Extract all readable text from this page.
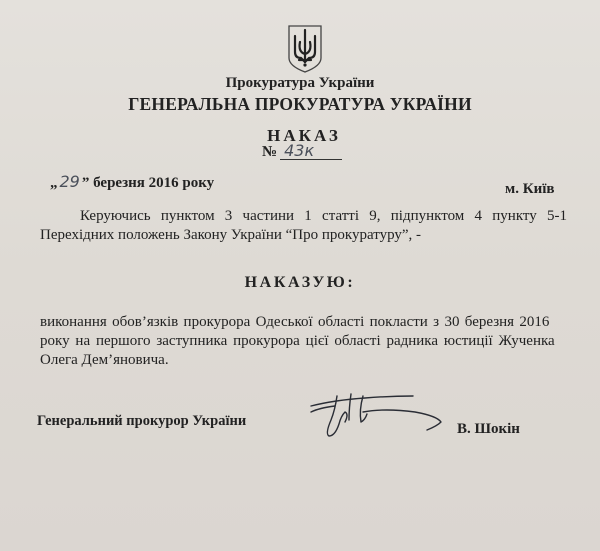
Прокуратура України
ГЕНЕРАЛЬНА ПРОКУРАТУРА УКРАЇНИ
НАКАЗ
№ 43к
„ 29 ” березня 2016 року	м. Київ
Керуючись пунктом 3 частини 1 статті 9, підпунктом 4 пункту 5-1
Перехідних положень Закону України “Про прокуратуру”, -
НАКАЗУЮ:
виконання обов’язків прокурора Одеської області покласти з 30 березня 2016
року на першого заступника прокурора цієї області радника юстиції Жученка
Олега Дем’яновича.
Генеральний прокурор України	В. Шокін
